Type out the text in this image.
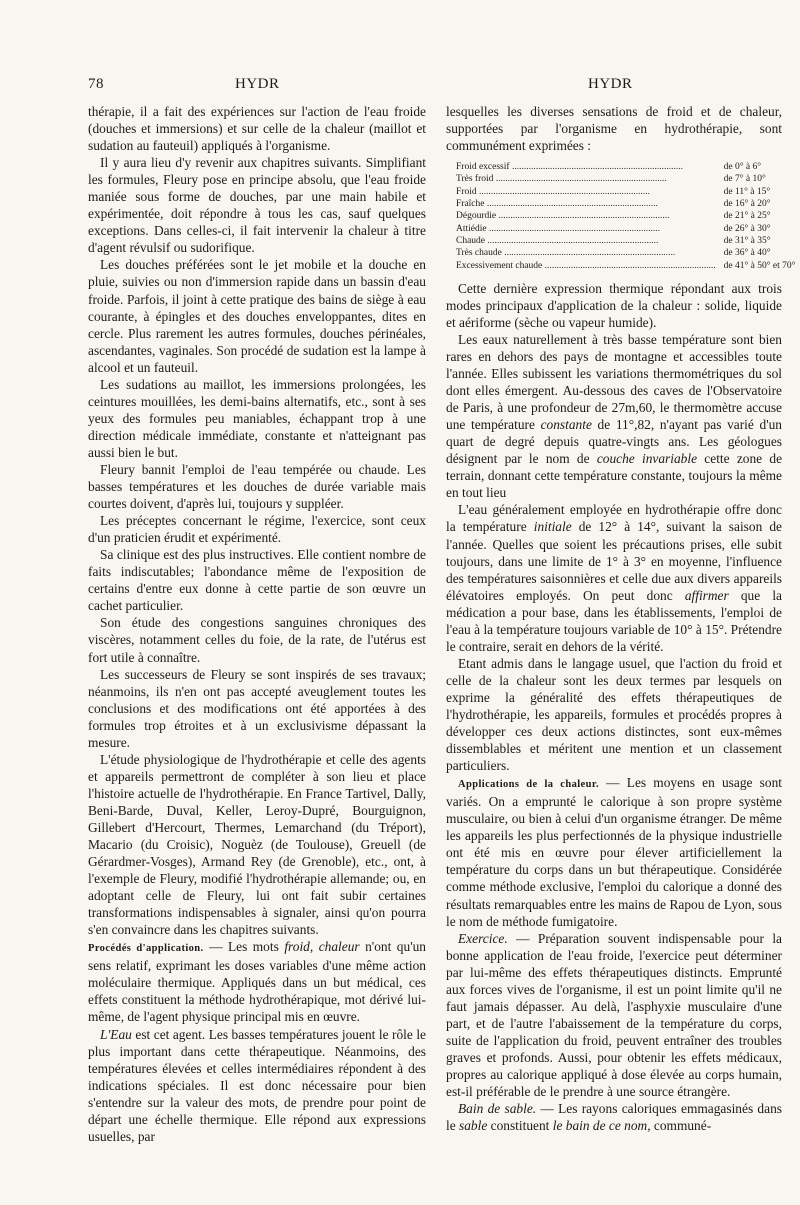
78	HYDR	HYDR

thérapie, il a fait des expériences sur l'action de l'eau froide (douches et immersions) et sur celle de la chaleur (maillot et sudation au fauteuil) appliqués à l'organisme.

Il y aura lieu d'y revenir aux chapitres suivants. Simplifiant les formules, Fleury pose en principe absolu, que l'eau froide maniée sous forme de douches, par une main habile et expérimentée, doit répondre à tous les cas, sauf quelques exceptions. Dans celles-ci, il fait intervenir la chaleur à titre d'agent révulsif ou sudorifique.

Les douches préférées sont le jet mobile et la douche en pluie, suivies ou non d'immersion rapide dans un bassin d'eau froide. Parfois, il joint à cette pratique des bains de siège à eau courante, à épingles et des douches enveloppantes, dites en cercle. Plus rarement les autres formules, douches périnéales, ascendantes, vaginales. Son procédé de sudation est la lampe à alcool et un fauteuil.

Les sudations au maillot, les immersions prolongées, les ceintures mouillées, les demi-bains alternatifs, etc., sont à ses yeux des formules peu maniables, échappant trop à une direction médicale immédiate, constante et n'atteignant pas aussi bien le but.

Fleury bannit l'emploi de l'eau tempérée ou chaude. Les basses températures et les douches de durée variable mais courtes doivent, d'après lui, toujours y suppléer.

Les préceptes concernant le régime, l'exercice, sont ceux d'un praticien érudit et expérimenté.

Sa clinique est des plus instructives. Elle contient nombre de faits indiscutables; l'abondance même de l'exposition de certains d'entre eux donne à cette partie de son œuvre un cachet particulier.

Son étude des congestions sanguines chroniques des viscères, notamment celles du foie, de la rate, de l'utérus est fort utile à connaître.

Les successeurs de Fleury se sont inspirés de ses travaux; néanmoins, ils n'en ont pas accepté aveuglement toutes les conclusions et des modifications ont été apportées à des formules trop étroites et à un exclusivisme dépassant la mesure.

L'étude physiologique de l'hydrothérapie et celle des agents et appareils permettront de compléter à son lieu et place l'histoire actuelle de l'hydrothérapie. En France Tartivel, Dally, Beni-Barde, Duval, Keller, Leroy-Dupré, Bourguignon, Gillebert d'Hercourt, Thermes, Lemarchand (du Tréport), Macario (du Croisic), Noguèz (de Toulouse), Greuell (de Gérardmer-Vosges), Armand Rey (de Grenoble), etc., ont, à l'exemple de Fleury, modifié l'hydrothérapie allemande; ou, en adoptant celle de Fleury, lui ont fait subir certaines transformations indispensables à signaler, ainsi qu'on pourra s'en convaincre dans les chapitres suivants.

Procédés d'application. — Les mots froid, chaleur n'ont qu'un sens relatif, exprimant les doses variables d'une même action moléculaire thermique. Appliqués dans un but médical, ces effets constituent la méthode hydrothérapique, mot dérivé lui-même, de l'agent physique principal mis en œuvre.

L'Eau est cet agent. Les basses températures jouent le rôle le plus important dans cette thérapeutique. Néanmoins, des températures élevées et celles intermédiaires répondent à des indications spéciales. Il est donc nécessaire pour bien s'entendre sur la valeur des mots, de prendre pour point de départ une échelle thermique. Elle répond aux expressions usuelles, par

lesquelles les diverses sensations de froid et de chaleur, supportées par l'organisme en hydrothérapie, sont communément exprimées :

Froid excessif .....	de 0° à 6°
Très froid .....	de 7° à 10°
Froid .....	de 11° à 15°
Fraîche .....	de 16° à 20°
Dégourdie .....	de 21° à 25°
Attiédie .....	de 26° à 30°
Chaude .....	de 31° à 35°
Très chaude .....	de 36° à 40°
Excessivement chaude .....	de 41° à 50° et 70°

Cette dernière expression thermique répondant aux trois modes principaux d'application de la chaleur : solide, liquide et aériforme (sèche ou vapeur humide).

Les eaux naturellement à très basse température sont bien rares en dehors des pays de montagne et accessibles toute l'année. Elles subissent les variations thermométriques du sol dont elles émergent. Au-dessous des caves de l'Observatoire de Paris, à une profondeur de 27m,60, le thermomètre accuse une température constante de 11°,82, n'ayant pas varié d'un quart de degré depuis quatre-vingts ans. Les géologues désignent par le nom de couche invariable cette zone de terrain, donnant cette température constante, toujours la même en tout lieu

L'eau généralement employée en hydrothérapie offre donc la température initiale de 12° à 14°, suivant la saison de l'année. Quelles que soient les précautions prises, elle subit toujours, dans une limite de 1° à 3° en moyenne, l'influence des températures saisonnières et celle due aux divers appareils élévatoires employés. On peut donc affirmer que la médication a pour base, dans les établissements, l'emploi de l'eau à la température toujours variable de 10° à 15°. Prétendre le contraire, serait en dehors de la vérité.

Etant admis dans le langage usuel, que l'action du froid et celle de la chaleur sont les deux termes par lesquels on exprime la généralité des effets thérapeutiques de l'hydrothérapie, les appareils, formules et procédés propres à développer ces deux actions distinctes, sont eux-mêmes dissemblables et méritent une mention et un classement particuliers.

Applications de la chaleur. — Les moyens en usage sont variés. On a emprunté le calorique à son propre système musculaire, ou bien à celui d'un organisme étranger. De même les appareils les plus perfectionnés de la physique industrielle ont été mis en œuvre pour élever artificiellement la température du corps dans un but thérapeutique. Considérée comme méthode exclusive, l'emploi du calorique a donné des résultats remarquables entre les mains de Rapou de Lyon, sous le nom de méthode fumigatoire.

Exercice. — Préparation souvent indispensable pour la bonne application de l'eau froide, l'exercice peut déterminer par lui-même des effets thérapeutiques distincts. Emprunté aux forces vives de l'organisme, il est un point limite qu'il ne faut jamais dépasser. Au delà, l'asphyxie musculaire d'une part, et de l'autre l'abaissement de la température du corps, suite de l'application du froid, peuvent entraîner des troubles graves et profonds. Aussi, pour obtenir les effets médicaux, propres au calorique appliqué à dose élevée au corps humain, est-il préférable de le prendre à une source étrangère.

Bain de sable. — Les rayons caloriques emmagasinés dans le sable constituent le bain de ce nom, communé-
